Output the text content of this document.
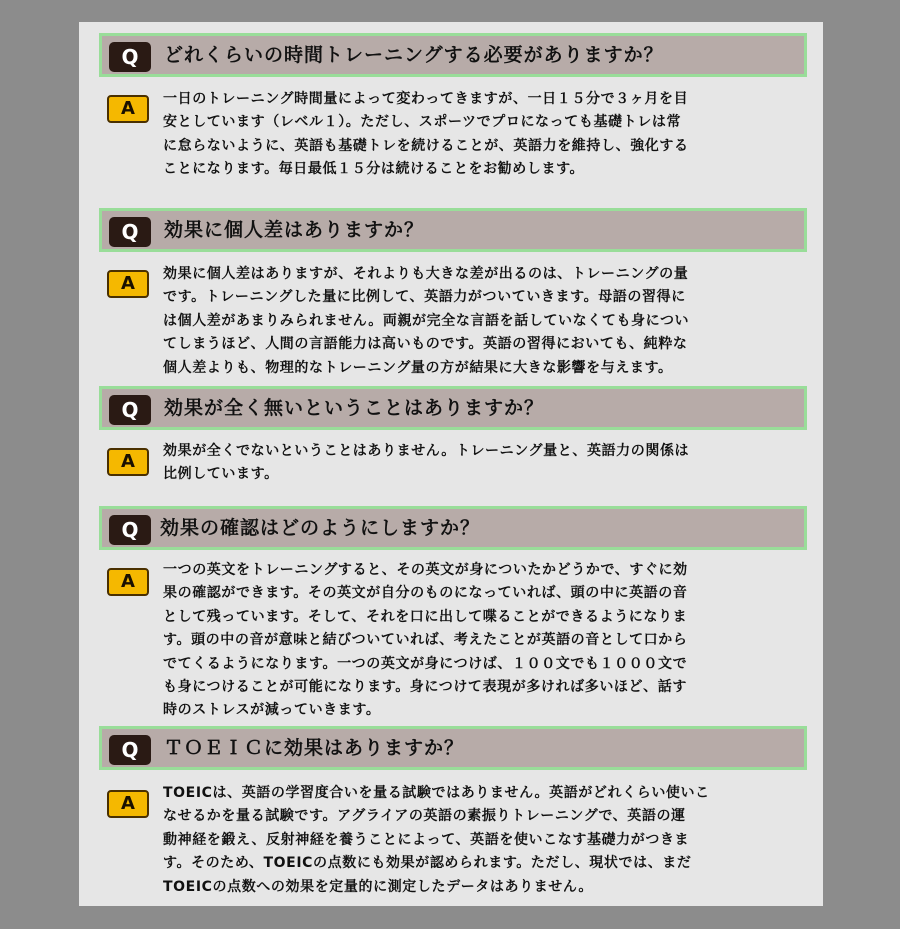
Q	どれくらいの時間トレーニングする必要がありますか？
A	一日のトレーニング時間量によって変わってきますが、一日１５分で３ヶ月を目
安としています（レベル１）。ただし、スポーツでプロになっても基礎トレは常
に怠らないように、英語も基礎トレを続けることが、英語力を維持し、強化する
ことになります。毎日最低１５分は続けることをお勧めします。
Q	効果に個人差はありますか？
A	効果に個人差はありますが、それよりも大きな差が出るのは、トレーニングの量
です。トレーニングした量に比例して、英語力がついていきます。母語の習得に
は個人差があまりみられません。両親が完全な言語を話していなくても身につい
てしまうほど、人間の言語能力は高いものです。英語の習得においても、純粋な
個人差よりも、物理的なトレーニング量の方が結果に大きな影響を与えます。
Q	効果が全く無いということはありますか？
A	効果が全くでないということはありません。トレーニング量と、英語力の関係は
比例しています。
Q	効果の確認はどのようにしますか？
A
一つの英文をトレーニングすると、その英文が身についたかどうかで、すぐに効
果の確認ができます。その英文が自分のものになっていれば、頭の中に英語の音
として残っています。そして、それを口に出して喋ることができるようになりま
す。頭の中の音が意味と結びついていれば、考えたことが英語の音として口から
でてくるようになります。一つの英文が身につけば、１００文でも１０００文で
も身につけることが可能になります。身につけて表現が多ければ多いほど、話す
時のストレスが減っていきます。
Q	ＴＯＥＩＣに効果はありますか？
A	TOEICは、英語の学習度合いを量る試験ではありません。英語がどれくらい使いこ
なせるかを量る試験です。アグライアの英語の素振りトレーニングで、英語の運
動神経を鍛え、反射神経を養うことによって、英語を使いこなす基礎力がつきま
す。そのため、TOEICの点数にも効果が認められます。ただし、現状では、まだ
TOEICの点数への効果を定量的に測定したデータはありません。
